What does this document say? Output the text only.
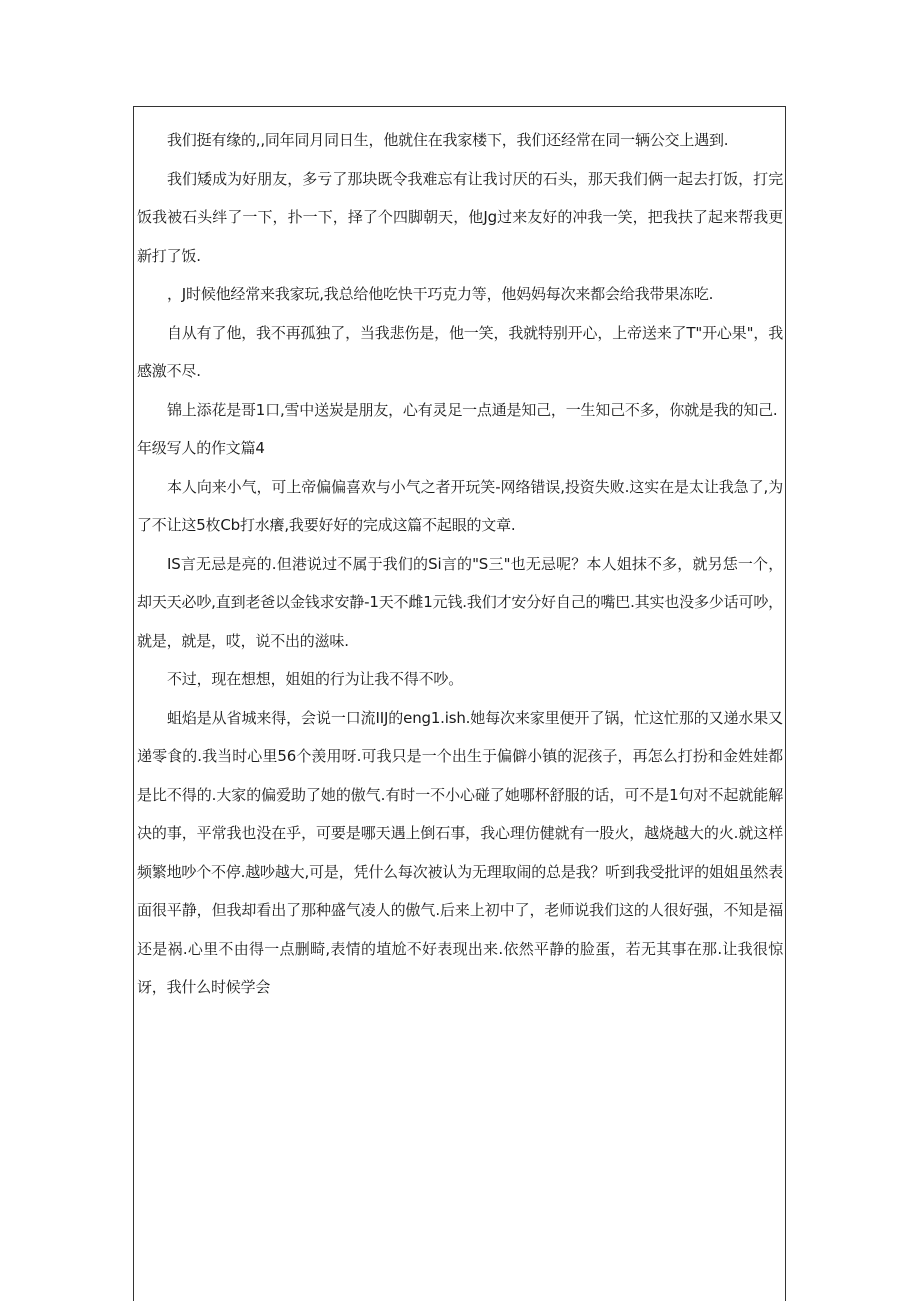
我们挺有缘的,,同年同月同日生，他就住在我家楼下，我们还经常在同一辆公交上遇到.

我们矮成为好朋友，多亏了那块既令我难忘有让我讨厌的石头，那天我们俩一起去打饭，打完饭我被石头绊了一下，扑一下，择了个四脚朝天，他Jg过来友好的冲我一笑，把我扶了起来帮我更新打了饭.

，J时候他经常来我家玩,我总给他吃快干巧克力等，他妈妈每次来都会给我带果冻吃.

自从有了他，我不再孤独了，当我悲伤是，他一笑，我就特别开心，上帝送来了T"开心果"，我感激不尽.

锦上添花是哥1口,雪中送炭是朋友，心有灵足一点通是知己，一生知己不多，你就是我的知己.

年级写人的作文篇4

本人向来小气，可上帝偏偏喜欢与小气之者开玩笑-网络错误,投资失败.这实在是太让我急了,为了不让这5枚Cb打水癢,我要好好的完成这篇不起眼的文章.

IS言无忌是亮的.但港说过不属于我们的Si言的"S三"也无忌呢？本人姐抹不多，就另恁一个，却天天必吵,直到老爸以金钱求安静-1天不雌1元钱.我们才安分好自己的嘴巴.其实也没多少话可吵，就是，就是，哎，说不出的滋味.

不过，现在想想，姐姐的行为让我不得不吵。

蛆焰是从省城来得，会说一口流IIJ的eng1.ish.她每次来家里便开了锅，忙这忙那的又递水果又递零食的.我当时心里56个羡用呀.可我只是一个出生于偏僻小镇的泥孩子，再怎么打扮和金姓娃都是比不得的.大家的偏爱助了她的傲气.有时一不小心碰了她哪杯舒服的话，可不是1句对不起就能解决的事，平常我也没在乎，可要是哪天遇上倒石事，我心理仿健就有一股火，越烧越大的火.就这样频繁地吵个不停.越吵越大,可是，凭什么每次被认为无理取闹的总是我？听到我受批评的姐姐虽然表面很平静，但我却看出了那种盛气凌人的傲气.后来上初中了，老师说我们这的人很好强，不知是福还是祸.心里不由得一点删畸,表情的埴尬不好表现出来.依然平静的脸蛋，若无其事在那.让我很惊讶，我什么时候学会
